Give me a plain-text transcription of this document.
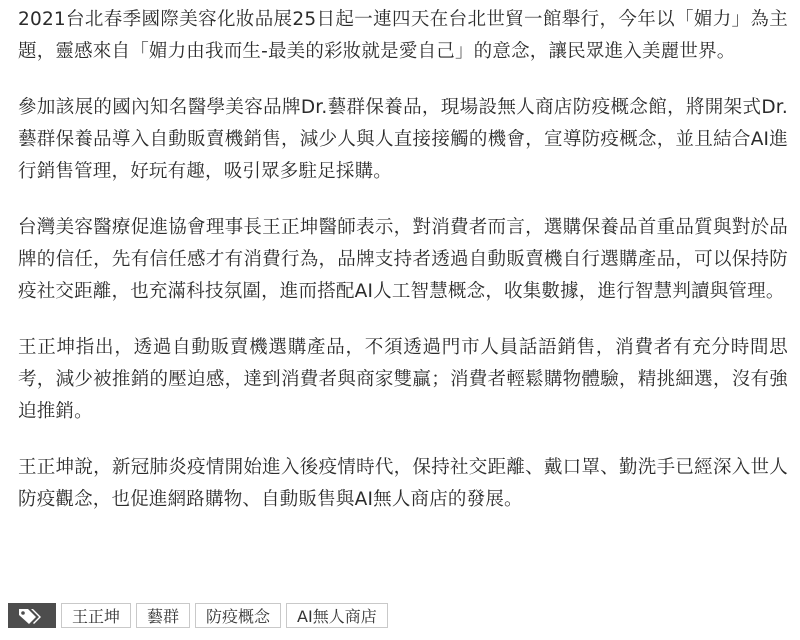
2021台北春季國際美容化妝品展25日起一連四天在台北世貿一館舉行，今年以「媚力」為主題，靈感來自「媚力由我而生-最美的彩妝就是愛自己」的意念，讓民眾進入美麗世界。

參加該展的國內知名醫學美容品牌Dr.藝群保養品，現場設無人商店防疫概念館，將開架式Dr.藝群保養品導入自動販賣機銷售，減少人與人直接接觸的機會，宣導防疫概念，並且結合AI進行銷售管理，好玩有趣，吸引眾多駐足採購。

台灣美容醫療促進協會理事長王正坤醫師表示，對消費者而言，選購保養品首重品質與對於品牌的信任，先有信任感才有消費行為，品牌支持者透過自動販賣機自行選購產品，可以保持防疫社交距離，也充滿科技氛圍，進而搭配AI人工智慧概念，收集數據，進行智慧判讀與管理。

王正坤指出，透過自動販賣機選購產品，不須透過門市人員話語銷售，消費者有充分時間思考，減少被推銷的壓迫感，達到消費者與商家雙贏；消費者輕鬆購物體驗，精挑細選，沒有強迫推銷。

王正坤說，新冠肺炎疫情開始進入後疫情時代，保持社交距離、戴口罩、勤洗手已經深入世人防疫觀念，也促進網路購物、自動販售與AI無人商店的發展。

王正坤	藝群	防疫概念	AI無人商店
